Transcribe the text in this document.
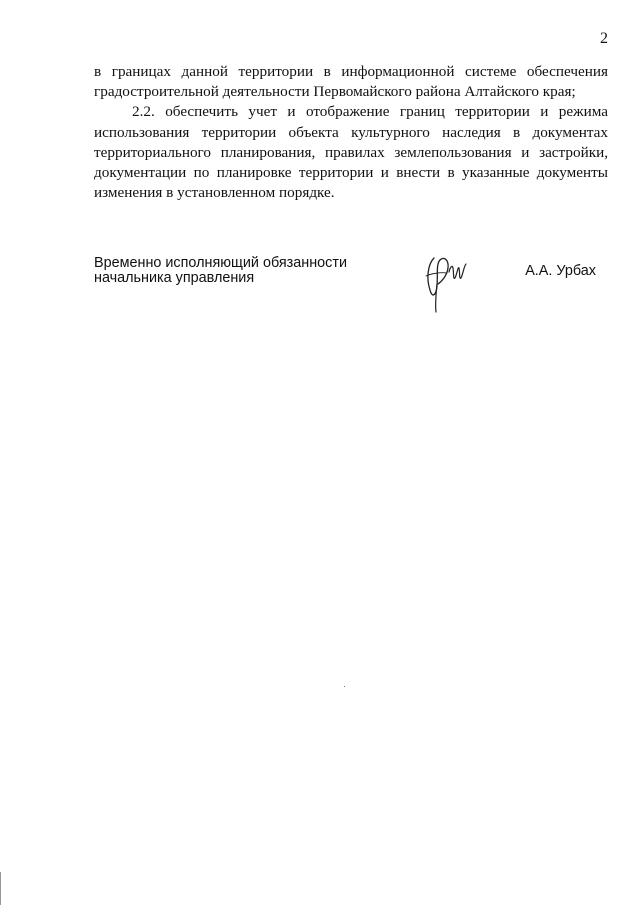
2

в границах данной территории в информационной системе обеспечения градостроительной деятельности Первомайского района Алтайского края;

2.2. обеспечить учет и отображение границ территории и режима использования территории объекта культурного наследия в документах территориального планирования, правилах землепользования и застройки, документации по планировке территории и внести в указанные документы изменения в установленном порядке.

Временно исполняющий обязанности
начальника управления	А.А. Урбах
